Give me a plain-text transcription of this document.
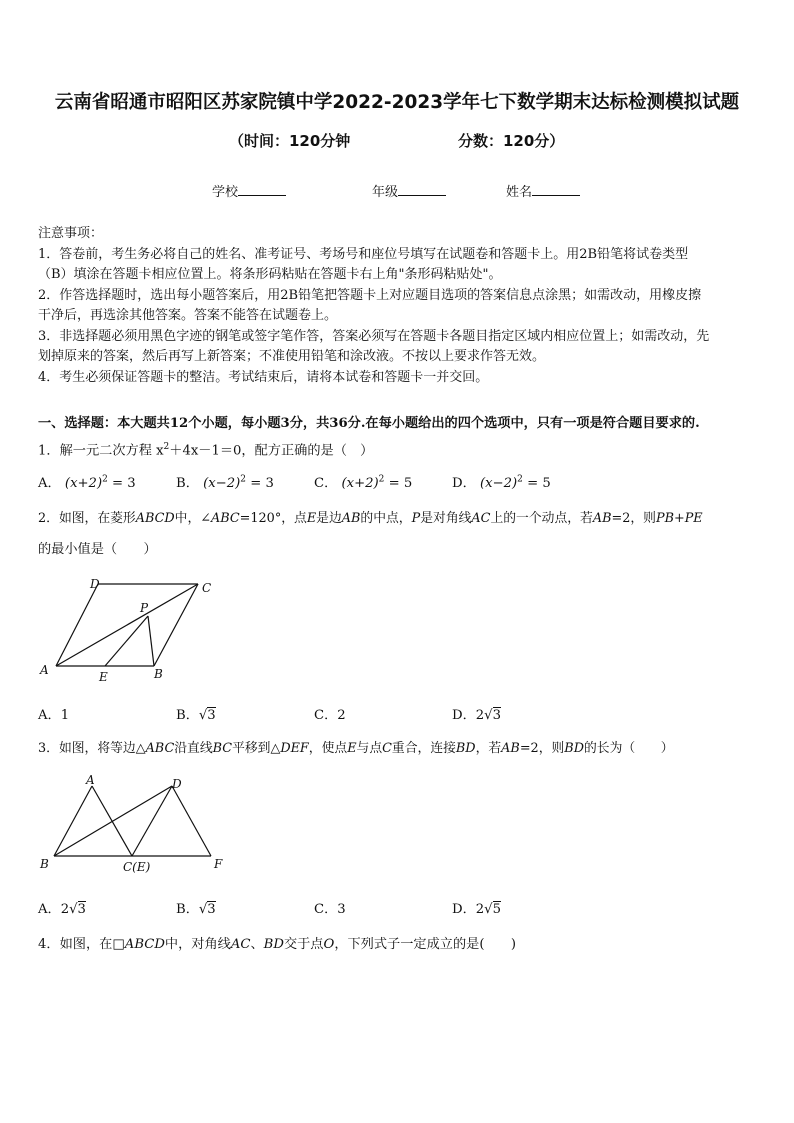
云南省昭通市昭阳区苏家院镇中学2022-2023学年七下数学期末达标检测模拟试题
（时间：120分钟	分数：120分）
学校	年级	姓名

注意事项：

1．答卷前，考生务必将自己的姓名、准考证号、考场号和座位号填写在试题卷和答题卡上。用2B铅笔将试卷类型

（B）填涂在答题卡相应位置上。将条形码粘贴在答题卡右上角"条形码粘贴处"。

2．作答选择题时，选出每小题答案后，用2B铅笔把答题卡上对应题目选项的答案信息点涂黑；如需改动，用橡皮擦

干净后，再选涂其他答案。答案不能答在试题卷上。

3．非选择题必须用黑色字迹的钢笔或签字笔作答，答案必须写在答题卡各题目指定区域内相应位置上；如需改动，先

划掉原来的答案，然后再写上新答案；不准使用铅笔和涂改液。不按以上要求作答无效。

4．考生必须保证答题卡的整洁。考试结束后，请将本试卷和答题卡一并交回。

一、选择题：本大题共12个小题，每小题3分，共36分.在每小题给出的四个选项中，只有一项是符合题目要求的.
1．解一元二次方程 $x^2+4x-1=0$，配方正确的是（　）
A． $(x+2)^2 = 3$	B． $(x-2)^2 = 3$	C． $(x+2)^2 = 5$	D． $(x-2)^2 = 5$
2．如图，在菱形ABCD中，∠ABC=120°，点E是边AB的中点，P是对角线AC上的一个动点，若AB=2，则PB+PE
的最小值是（　　）
A
D	C
B
E
P
A．1	B．√3	C．2	D．2√3
3．如图，将等边△ABC沿直线BC平移到△DEF，使点E与点C重合，连接BD，若AB=2，则BD的长为（　　）
A	D
B	C(E)	F
A．2√3	B．√3	C．3	D．2√5
4．如图，在□ABCD中，对角线AC、BD交于点O，下列式子一定成立的是(　　)
